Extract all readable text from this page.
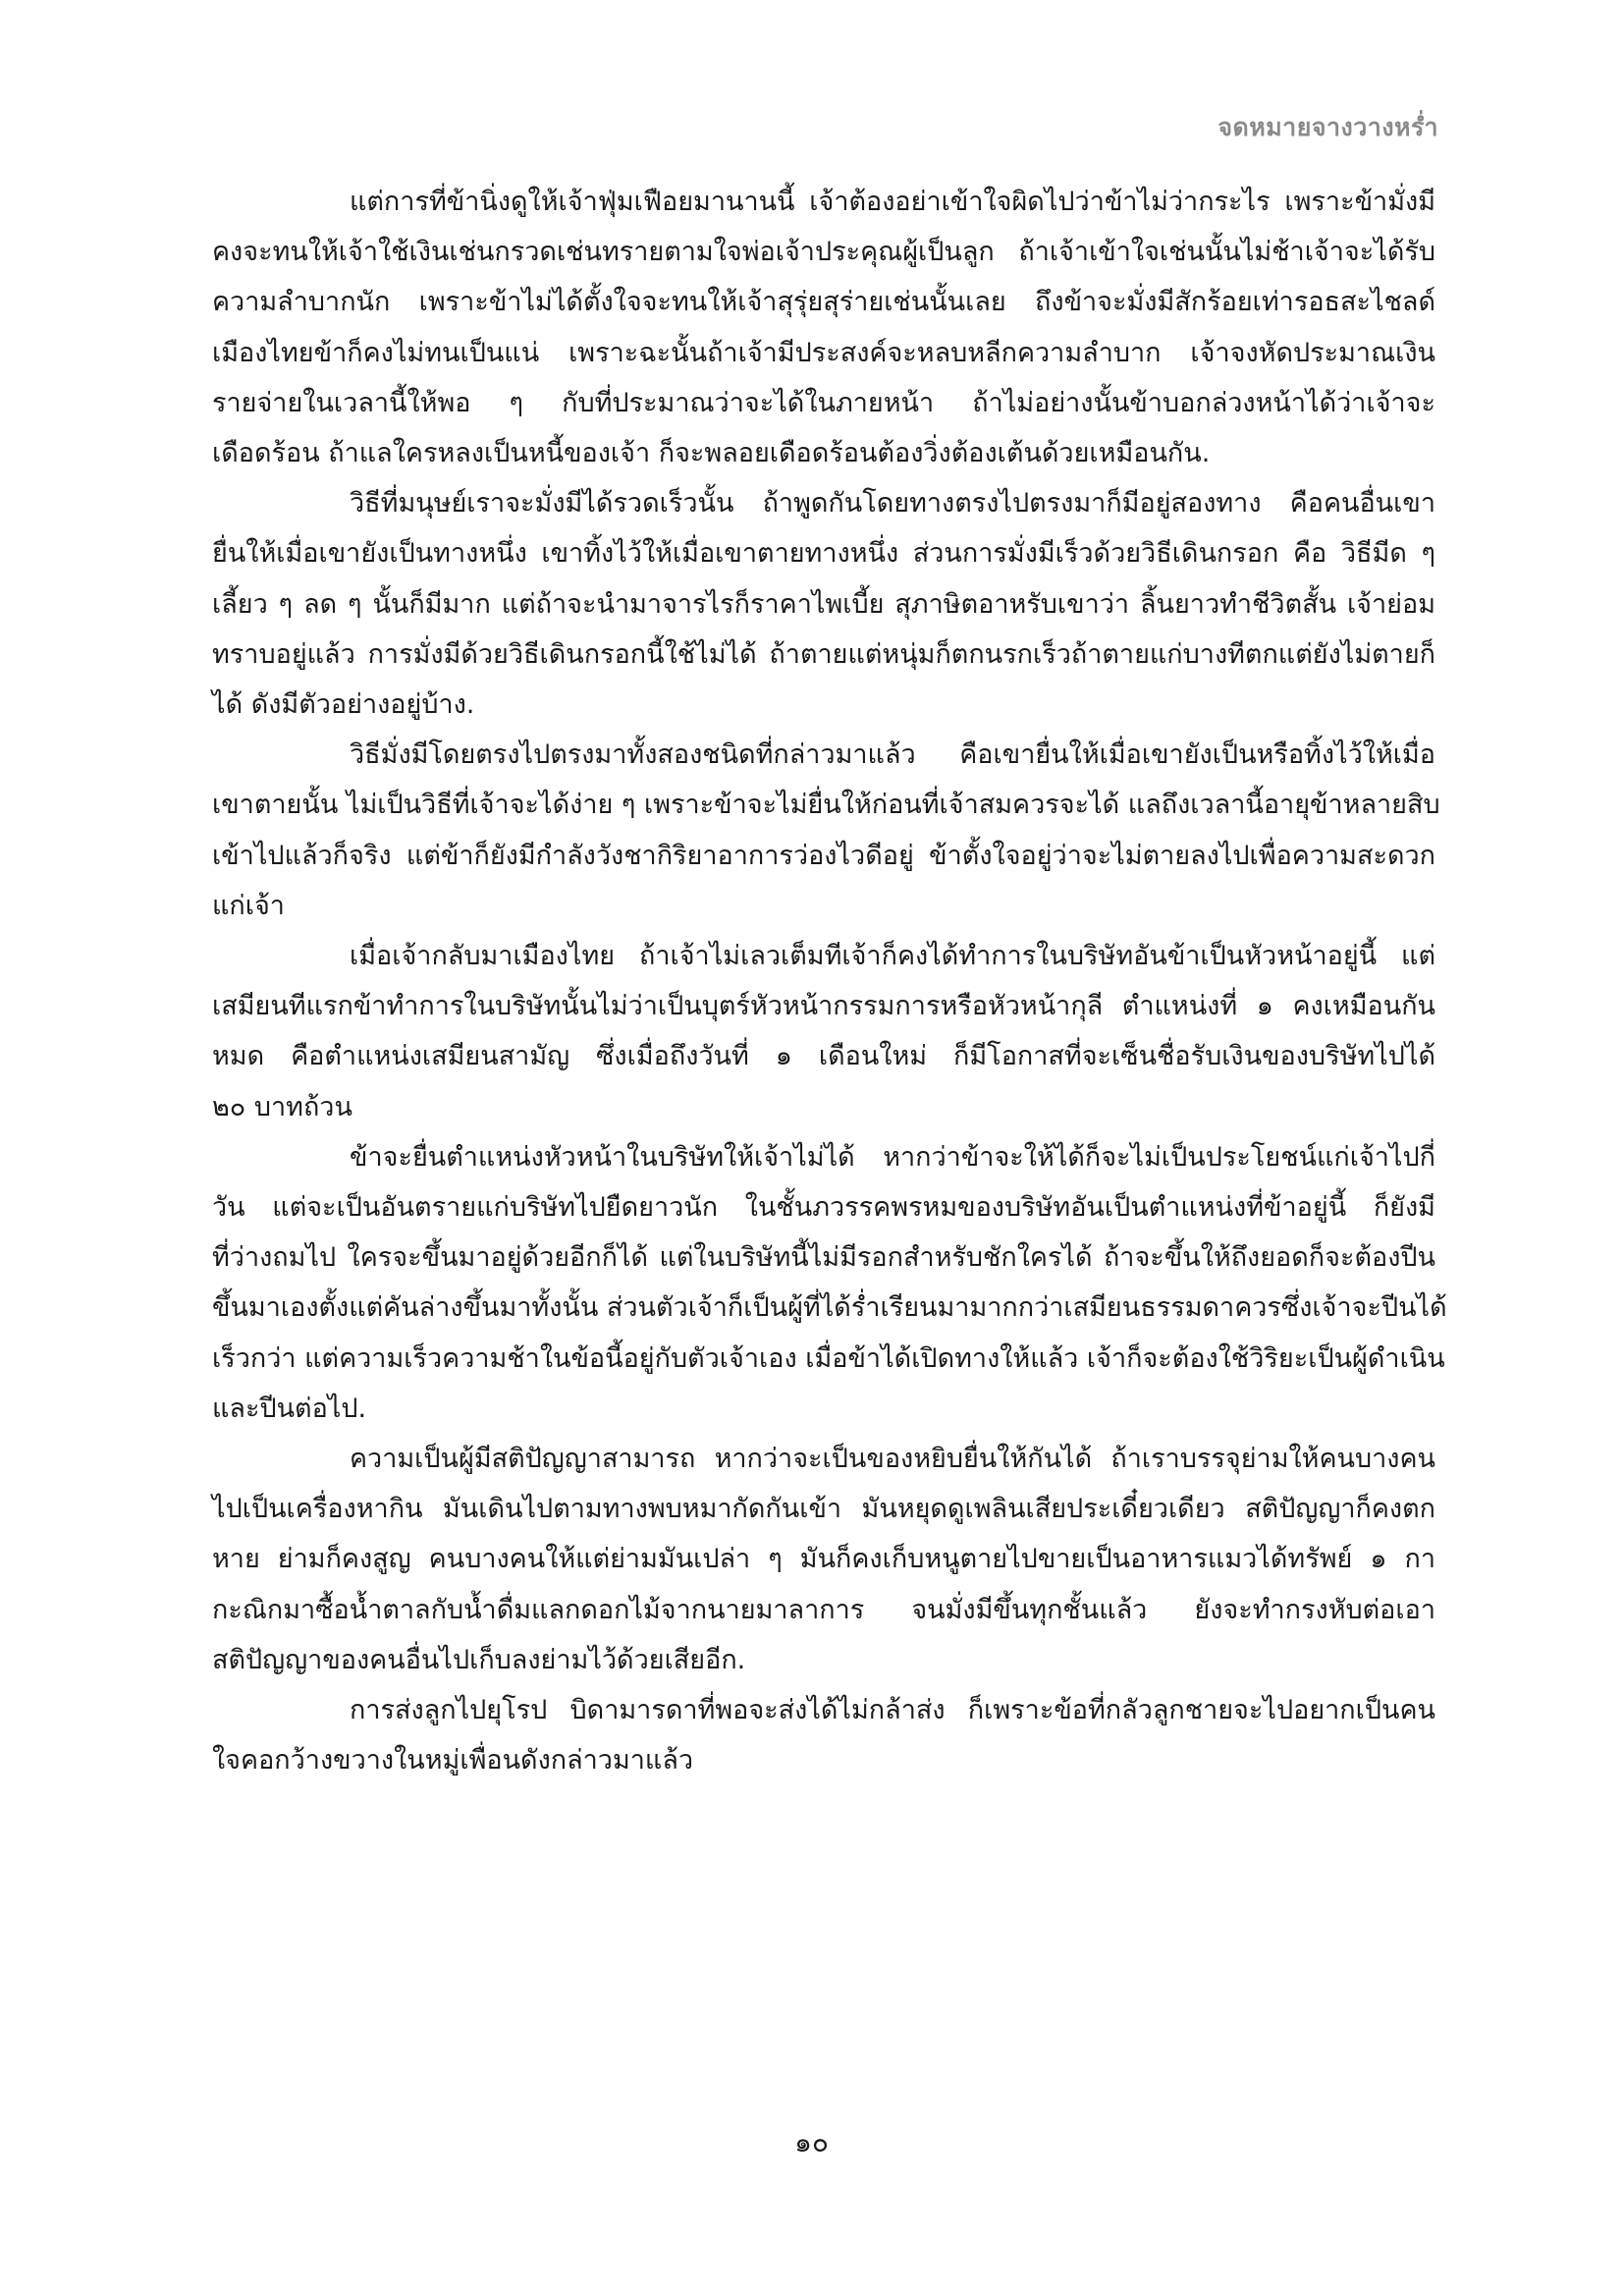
จดหมายจางวางหร่ำ

แต่การที่ข้านิ่งดูให้เจ้าฟุ่มเฟือยมานานนี้ เจ้าต้องอย่าเข้าใจผิดไปว่าข้าไม่ว่ากระไร เพราะข้ามั่งมี
คงจะทนให้เจ้าใช้เงินเช่นกรวดเช่นทรายตามใจพ่อเจ้าประคุณผู้เป็นลูก ถ้าเจ้าเข้าใจเช่นนั้นไม่ช้าเจ้าจะได้รับ
ความลำบากนัก เพราะข้าไม่ได้ตั้งใจจะทนให้เจ้าสุรุ่ยสุร่ายเช่นนั้นเลย ถึงข้าจะมั่งมีสักร้อยเท่ารอธสะไชลด์
เมืองไทยข้าก็คงไม่ทนเป็นแน่ เพราะฉะนั้นถ้าเจ้ามีประสงค์จะหลบหลีกความลำบาก เจ้าจงหัดประมาณเงิน
รายจ่ายในเวลานี้ให้พอ ๆ กับที่ประมาณว่าจะได้ในภายหน้า ถ้าไม่อย่างนั้นข้าบอกล่วงหน้าได้ว่าเจ้าจะ
เดือดร้อน ถ้าแลใครหลงเป็นหนี้ของเจ้า ก็จะพลอยเดือดร้อนต้องวิ่งต้องเต้นด้วยเหมือนกัน.

วิธีที่มนุษย์เราจะมั่งมีได้รวดเร็วนั้น ถ้าพูดกันโดยทางตรงไปตรงมาก็มีอยู่สองทาง คือคนอื่นเขา
ยื่นให้เมื่อเขายังเป็นทางหนึ่ง เขาทิ้งไว้ให้เมื่อเขาตายทางหนึ่ง ส่วนการมั่งมีเร็วด้วยวิธีเดินกรอก คือ วิธีมีด ๆ
เลี้ยว ๆ ลด ๆ นั้นก็มีมาก แต่ถ้าจะนำมาจารไรก็ราคาไพเบี้ย สุภาษิตอาหรับเขาว่า ลิ้นยาวทำชีวิตสั้น เจ้าย่อม
ทราบอยู่แล้ว การมั่งมีด้วยวิธีเดินกรอกนี้ใช้ไม่ได้ ถ้าตายแต่หนุ่มก็ตกนรกเร็วถ้าตายแก่บางทีตกแต่ยังไม่ตายก็
ได้ ดังมีตัวอย่างอยู่บ้าง.

วิธีมั่งมีโดยตรงไปตรงมาทั้งสองชนิดที่กล่าวมาแล้ว คือเขายื่นให้เมื่อเขายังเป็นหรือทิ้งไว้ให้เมื่อ
เขาตายนั้น ไม่เป็นวิธีที่เจ้าจะได้ง่าย ๆ เพราะข้าจะไม่ยื่นให้ก่อนที่เจ้าสมควรจะได้ แลถึงเวลานี้อายุข้าหลายสิบ
เข้าไปแล้วก็จริง แต่ข้าก็ยังมีกำลังวังชากิริยาอาการว่องไวดีอยู่ ข้าตั้งใจอยู่ว่าจะไม่ตายลงไปเพื่อความสะดวก
แก่เจ้า

เมื่อเจ้ากลับมาเมืองไทย ถ้าเจ้าไม่เลวเต็มทีเจ้าก็คงได้ทำการในบริษัทอันข้าเป็นหัวหน้าอยู่นี้ แต่
เสมียนทีแรกข้าทำการในบริษัทนั้นไม่ว่าเป็นบุตร์หัวหน้ากรรมการหรือหัวหน้ากุลี ตำแหน่งที่ ๑ คงเหมือนกัน
หมด คือตำแหน่งเสมียนสามัญ ซึ่งเมื่อถึงวันที่ ๑ เดือนใหม่ ก็มีโอกาสที่จะเซ็นชื่อรับเงินของบริษัทไปได้
๒๐ บาทถ้วน

ข้าจะยื่นตำแหน่งหัวหน้าในบริษัทให้เจ้าไม่ได้ หากว่าข้าจะให้ได้ก็จะไม่เป็นประโยชน์แก่เจ้าไปกี่
วัน แต่จะเป็นอันตรายแก่บริษัทไปยืดยาวนัก ในชั้นภวรรคพรหมของบริษัทอันเป็นตำแหน่งที่ข้าอยู่นี้ ก็ยังมี
ที่ว่างถมไป ใครจะขึ้นมาอยู่ด้วยอีกก็ได้ แต่ในบริษัทนี้ไม่มีรอกสำหรับชักใครได้ ถ้าจะขึ้นให้ถึงยอดก็จะต้องปีน
ขึ้นมาเองตั้งแต่คันล่างขึ้นมาทั้งนั้น ส่วนตัวเจ้าก็เป็นผู้ที่ได้ร่ำเรียนมามากกว่าเสมียนธรรมดาควรซึ่งเจ้าจะปีนได้
เร็วกว่า แต่ความเร็วความช้าในข้อนี้อยู่กับตัวเจ้าเอง เมื่อข้าได้เปิดทางให้แล้ว เจ้าก็จะต้องใช้วิริยะเป็นผู้ดำเนิน
และปีนต่อไป.

ความเป็นผู้มีสติปัญญาสามารถ หากว่าจะเป็นของหยิบยื่นให้กันได้ ถ้าเราบรรจุย่ามให้คนบางคน
ไปเป็นเครื่องหากิน มันเดินไปตามทางพบหมากัดกันเข้า มันหยุดดูเพลินเสียประเดี๋ยวเดียว สติปัญญาก็คงตก
หาย ย่ามก็คงสูญ คนบางคนให้แต่ย่ามมันเปล่า ๆ มันก็คงเก็บหนูตายไปขายเป็นอาหารแมวได้ทรัพย์ ๑ กา
กะณิกมาซื้อน้ำตาลกับน้ำดื่มแลกดอกไม้จากนายมาลาการ จนมั่งมีขึ้นทุกชั้นแล้ว ยังจะทำกรงหับต่อเอา
สติปัญญาของคนอื่นไปเก็บลงย่ามไว้ด้วยเสียอีก.

การส่งลูกไปยุโรป บิดามารดาที่พอจะส่งได้ไม่กล้าส่ง ก็เพราะข้อที่กลัวลูกชายจะไปอยากเป็นคน
ใจคอกว้างขวางในหมู่เพื่อนดังกล่าวมาแล้ว

๑๐
